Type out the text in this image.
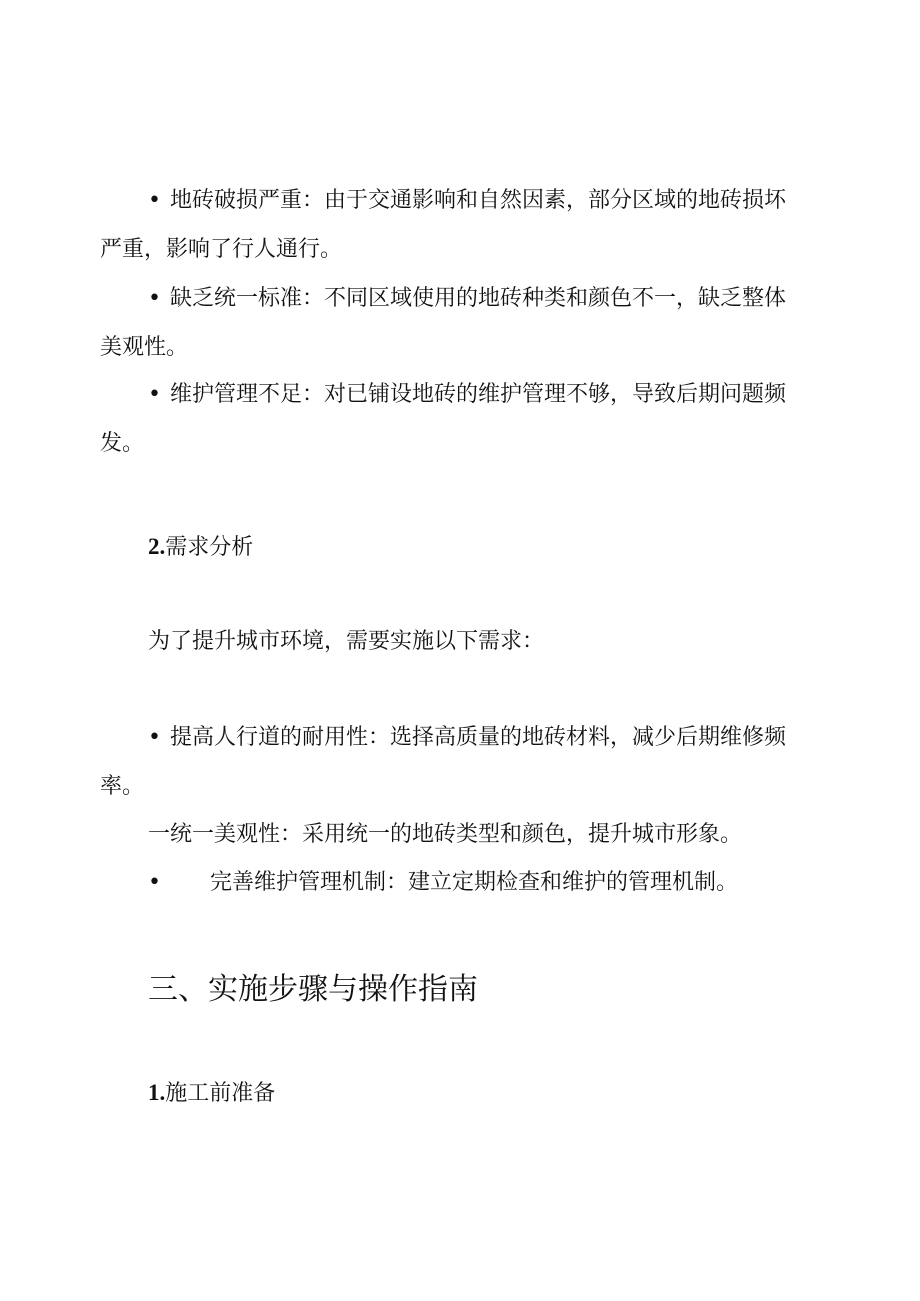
• 地砖破损严重：由于交通影响和自然因素，部分区域的地砖损坏
严重，影响了行人通行。
• 缺乏统一标准：不同区域使用的地砖种类和颜色不一，缺乏整体
美观性。
• 维护管理不足：对已铺设地砖的维护管理不够，导致后期问题频
发。
2.需求分析
为了提升城市环境，需要实施以下需求：
• 提高人行道的耐用性：选择高质量的地砖材料，减少后期维修频
率。
一统一美观性：采用统一的地砖类型和颜色，提升城市形象。
• 完善维护管理机制：建立定期检查和维护的管理机制。
三、实施步骤与操作指南
1.施工前准备
